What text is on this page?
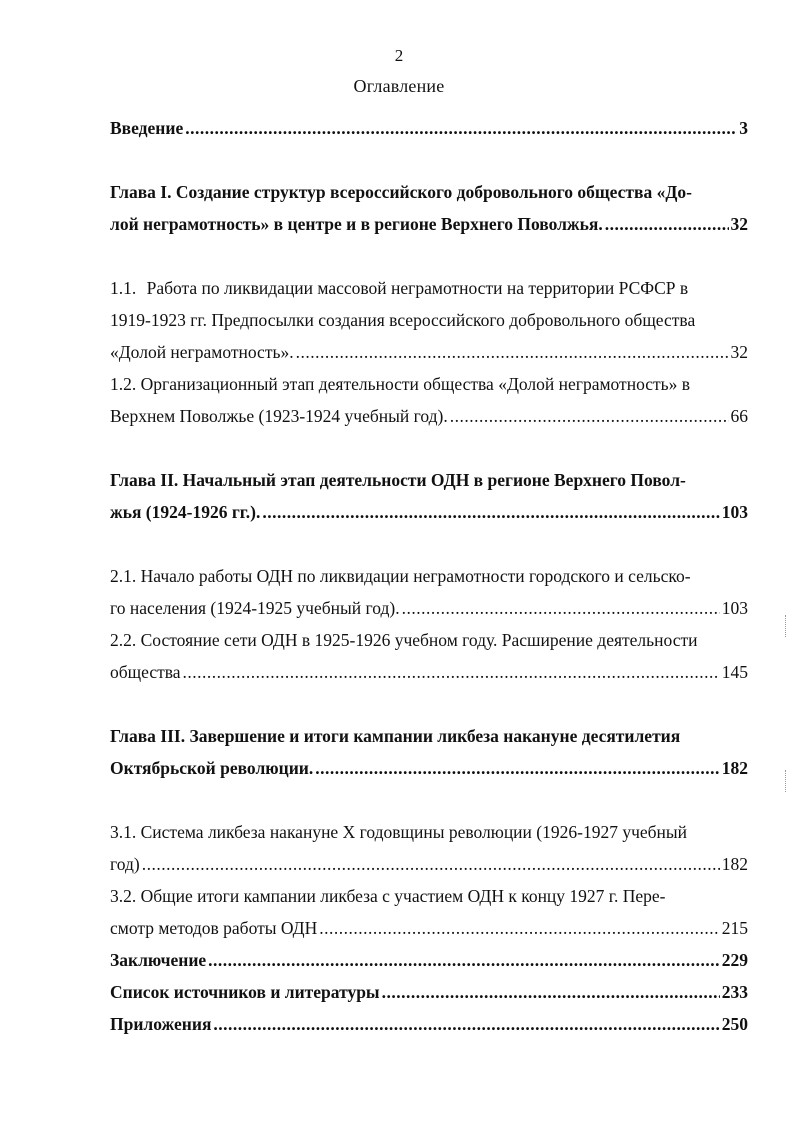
2
Оглавление
Введение .....	3
Глава I. Создание структур всероссийского добровольного общества «До-
лой неграмотность» в центре и в регионе Верхнего Поволжья. .....	32
1.1. Работа по ликвидации массовой неграмотности на территории РСФСР в
1919-1923 гг. Предпосылки создания всероссийского добровольного общества
«Долой неграмотность». .....	32
1.2. Организационный этап деятельности общества «Долой неграмотность» в
Верхнем Поволжье (1923-1924 учебный год). .....	66
Глава II. Начальный этап деятельности ОДН в регионе Верхнего Повол-
жья (1924-1926 гг.). .....	103
2.1. Начало работы ОДН по ликвидации неграмотности городского и сельско-
го населения (1924-1925 учебный год). .....	103
2.2. Состояние сети ОДН в 1925-1926 учебном году. Расширение деятельности
общества .....	145
Глава III. Завершение и итоги кампании ликбеза накануне десятилетия
Октябрьской революции. .....	182
3.1. Система ликбеза накануне X годовщины революции (1926-1927 учебный
год) .....	182
3.2. Общие итоги кампании ликбеза с участием ОДН к концу 1927 г. Пере-
смотр методов работы ОДН .....	215
Заключение .....	229
Список источников и литературы .....	233
Приложения .....	250
